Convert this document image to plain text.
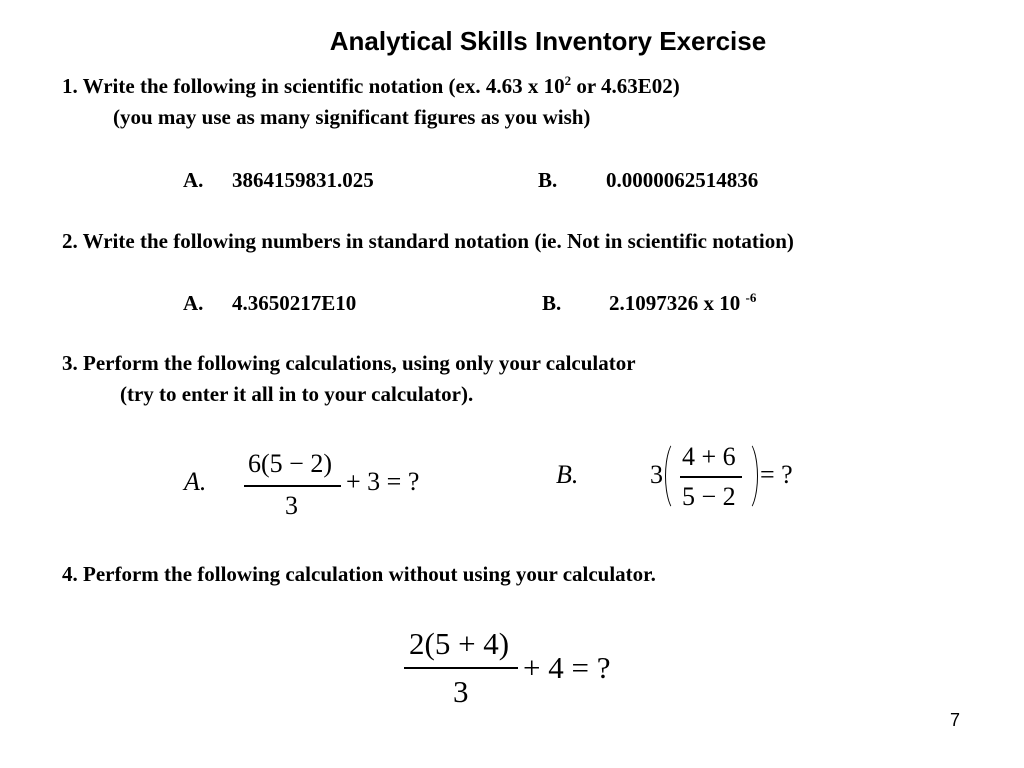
Analytical Skills Inventory Exercise
1. Write the following in scientific notation (ex. 4.63 x $10^2$ or 4.63E02)
(you may use as many significant figures as you wish)
A. 3864159831.025	B. 0.0000062514836
2. Write the following numbers in standard notation (ie. Not in scientific notation)
A. 4.3650217E10	B. 2.1097326 x 10 $^{-6}$
3. Perform the following calculations, using only your calculator
(try to enter it all in to your calculator).
A.
6(5 − 2)
3
+ 3 = ?	B.	3
4 + 6
5 − 2
= ?
4. Perform the following calculation without using your calculator.
2(5 + 4)
3
+ 4 = ?
7
